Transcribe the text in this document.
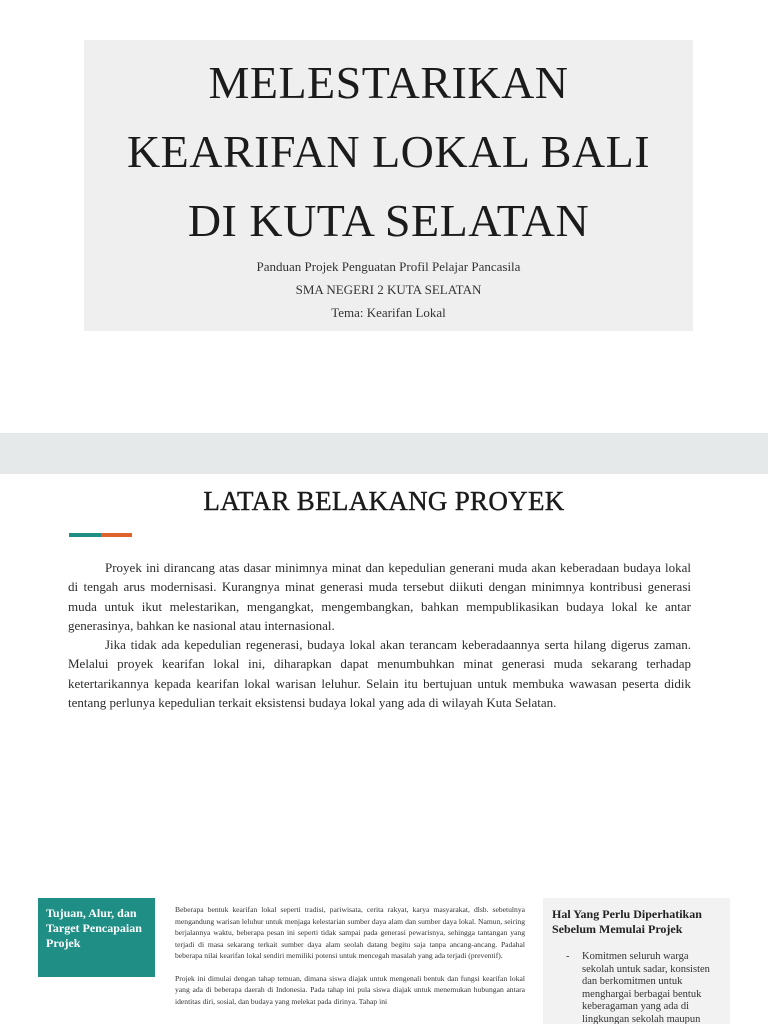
MELESTARIKAN
KEARIFAN LOKAL BALI
DI KUTA SELATAN
Panduan Projek Penguatan Profil Pelajar Pancasila
SMA NEGERI 2 KUTA SELATAN
Tema: Kearifan Lokal
LATAR BELAKANG PROYEK

Proyek ini dirancang atas dasar minimnya minat dan kepedulian generani muda akan keberadaan budaya lokal di tengah arus modernisasi. Kurangnya minat generasi muda tersebut diikuti dengan minimnya kontribusi generasi muda untuk ikut melestarikan, mengangkat, mengembangkan, bahkan mempublikasikan budaya lokal ke antar generasinya, bahkan ke nasional atau internasional.

Jika tidak ada kepedulian regenerasi, budaya lokal akan terancam keberadaannya serta hilang digerus zaman. Melalui proyek kearifan lokal ini, diharapkan dapat menumbuhkan minat generasi muda sekarang terhadap ketertarikannya kepada kearifan lokal warisan leluhur. Selain itu bertujuan untuk membuka wawasan peserta didik tentang perlunya kepedulian terkait eksistensi budaya lokal yang ada di wilayah Kuta Selatan.

Tujuan, Alur, dan Target Pencapaian Projek

Beberapa bentuk kearifan lokal seperti tradisi, pariwisata, cerita rakyat, karya masyarakat, dlsb. sebetulnya mengandung warisan leluhur untuk menjaga kelestarian sumber daya alam dan sumber daya lokal. Namun, seiring berjalannya waktu, beberapa pesan ini seperti tidak sampai pada generasi pewarisnya, sehingga tantangan yang terjadi di masa sekarang terkait sumber daya alam seolah datang begitu saja tanpa ancang-ancang. Padahal beberapa nilai kearifan lokal sendiri memiliki potensi untuk mencegah masalah yang ada terjadi (preventif).

Projek ini dimulai dengan tahap temuan, dimana siswa diajak untuk mengenali bentuk dan fungsi kearifan lokal yang ada di beberapa daerah di Indonesia. Pada tahap ini pula siswa diajak untuk menemukan hubungan antara identitas diri, sosial, dan budaya yang melekat pada dirinya. Tahap ini

Hal Yang Perlu Diperhatikan Sebelum Memulai Projek
-	Komitmen seluruh warga sekolah untuk sadar, konsisten dan berkomitmen untuk menghargai berbagai bentuk keberagaman yang ada di lingkungan sekolah maupun
